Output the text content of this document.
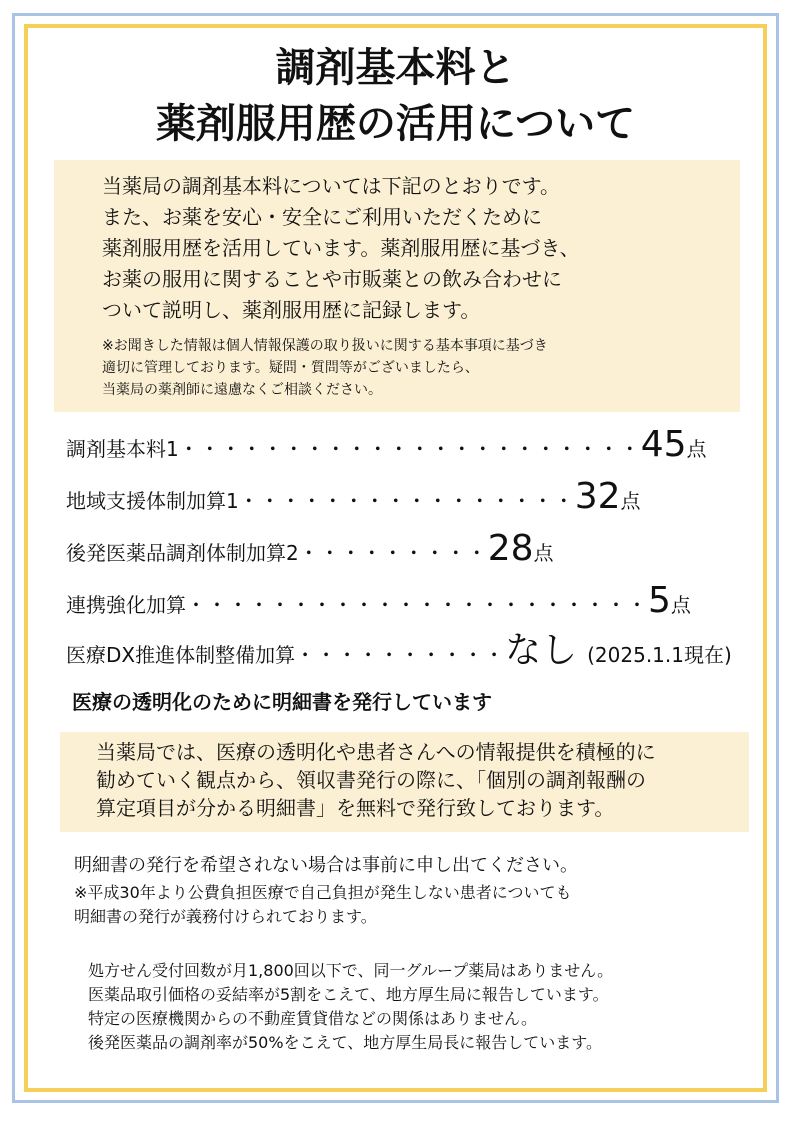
調剤基本料と
薬剤服用歴の活用について
当薬局の調剤基本料については下記のとおりです。
また、お薬を安心・安全にご利用いただくために
薬剤服用歴を活用しています。薬剤服用歴に基づき、
お薬の服用に関することや市販薬との飲み合わせに
ついて説明し、薬剤服用歴に記録します。
※お聞きした情報は個人情報保護の取り扱いに関する基本事項に基づき
適切に管理しております。疑問・質問等がございましたら、
当薬局の薬剤師に遠慮なくご相談ください。
調剤基本料1 ・・・・・・・・・・・・・・・・・・・・・・ 45 点
地域支援体制加算1 ・・・・・・・・・・・・・・・・ 32 点
後発医薬品調剤体制加算2 ・・・・・・・・・ 28 点
連携強化加算 ・・・・・・・・・・・・・・・・・・・・・・ 5 点
医療DX推進体制整備加算 ・・・・・・・・・・ なし (2025.1.1現在)
医療の透明化のために明細書を発行しています
当薬局では、医療の透明化や患者さんへの情報提供を積極的に
勧めていく観点から、領収書発行の際に、「個別の調剤報酬の
算定項目が分かる明細書」を無料で発行致しております。
明細書の発行を希望されない場合は事前に申し出てください。
※平成30年より公費負担医療で自己負担が発生しない患者についても
明細書の発行が義務付けられております。
処方せん受付回数が月1,800回以下で、同一グループ薬局はありません。
医薬品取引価格の妥結率が5割をこえて、地方厚生局に報告しています。
特定の医療機関からの不動産賃貸借などの関係はありません。
後発医薬品の調剤率が50%をこえて、地方厚生局長に報告しています。
